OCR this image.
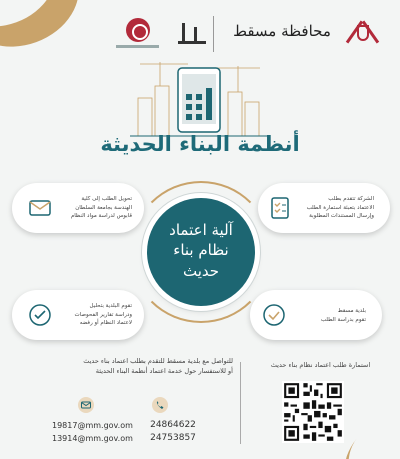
محافظة مسقط
أنظمة البناء الحديثة
آلية اعتماد
نظام بناء
حديث
الشركة تتقدم بطلب
الاعتماد بتعبئة استمارة الطلب
وإرسال المستندات المطلوبة
تحويل الطلب إلى كلية
الهندسة بجامعة السلطان
قابوس لدراسة مواد النظام
بلدية مسقط
تقوم بدراسة الطلب
تقوم البلدية بتحليل
ودراسة تقارير الفحوصات
لاعتماد النظام أو رفضه
استمارة طلب اعتماد نظام بناء حديث
للتواصل مع بلدية مسقط للتقدم بطلب اعتماد بناء حديث
أو للاستفسار حول خدمة اعتماد أنظمة البناء الحديثة
24864622
24753857
19817@mm.gov.om
13914@mm.gov.om
